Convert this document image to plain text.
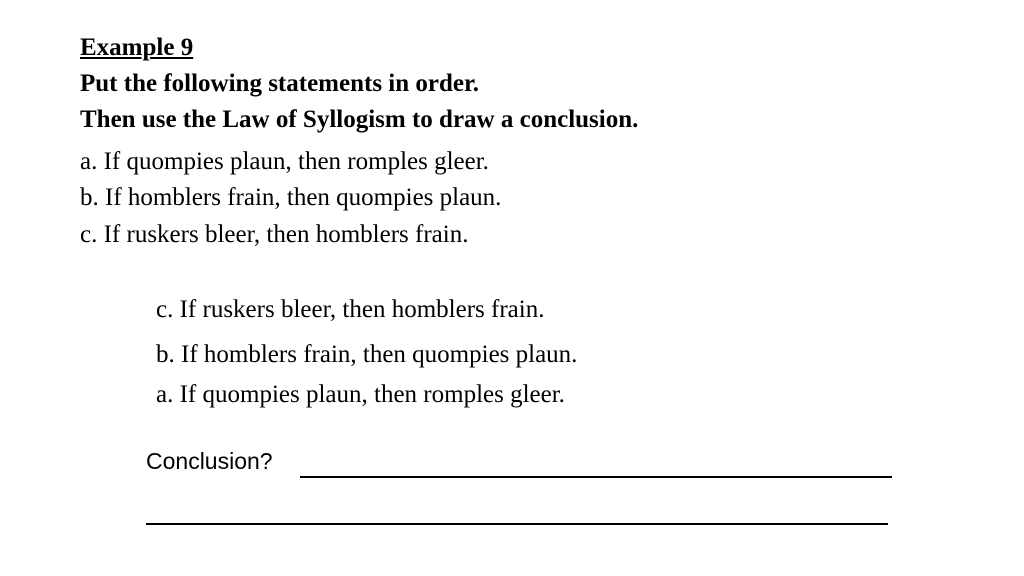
Example 9
Put the following statements in order.
Then use the Law of Syllogism to draw a conclusion.
a. If quompies plaun, then romples gleer.
b. If homblers frain, then quompies plaun.
c. If ruskers bleer, then homblers frain.
c. If ruskers bleer, then homblers frain.
b. If homblers frain, then quompies plaun.
a. If quompies plaun, then romples gleer.
Conclusion?
